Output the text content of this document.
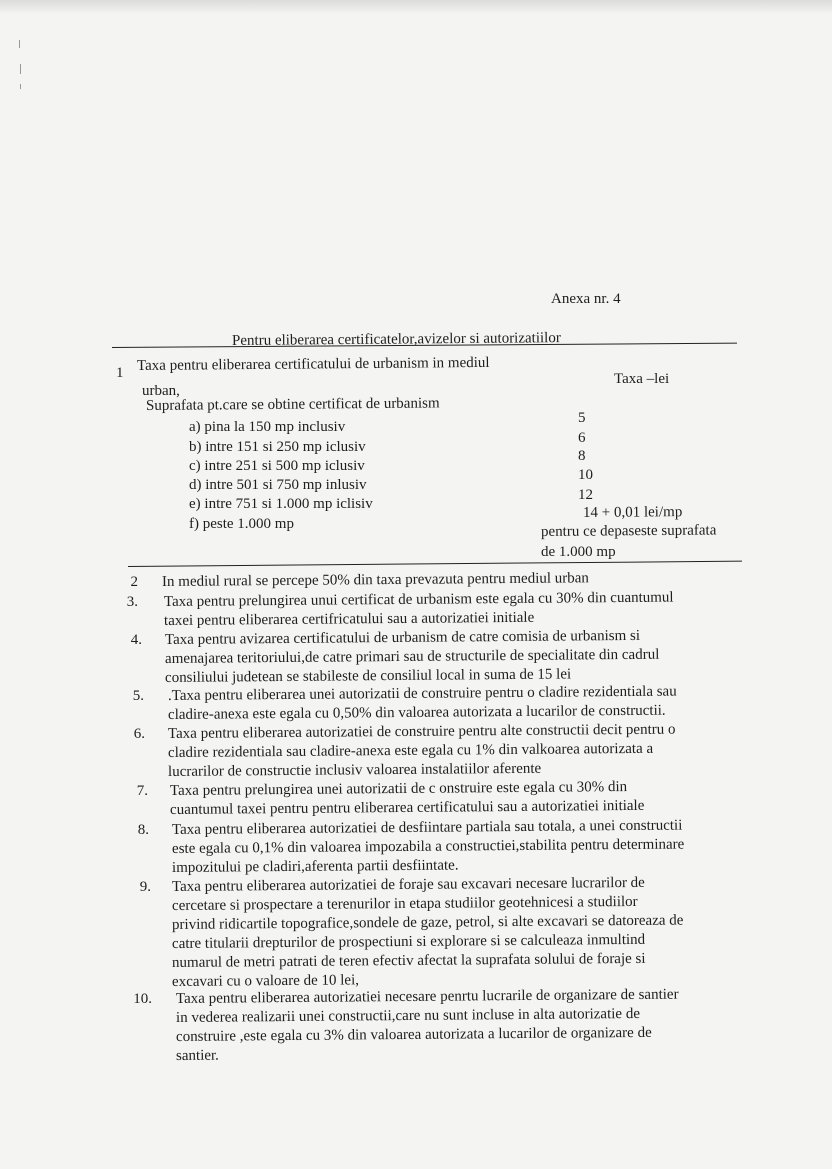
Anexa nr. 4

Pentru eliberarea certificatelor,avizelor si autorizatiilor

1 Taxa pentru eliberarea certificatului de urbanism in mediul

urban,

Taxa –lei

Suprafata pt.care se obtine certificat de urbanism

a) pina la 150 mp inclusiv

b) intre 151 si 250 mp iclusiv

c) intre 251 si 500 mp iclusiv

d) intre 501 si 750 mp inlusiv

e) intre 751 si 1.000 mp iclisiv

f) peste 1.000 mp

5

6

8

10

12

14 + 0,01 lei/mp

pentru ce depaseste suprafata

de 1.000 mp

2 In mediul rural se percepe 50% din taxa prevazuta pentru mediul urban

3. Taxa pentru prelungirea unui certificat de urbanism este egala cu 30% din cuantumul

taxei pentru eliberarea certifricatului sau a autorizatiei initiale

4. Taxa pentru avizarea certificatului de urbanism de catre comisia de urbanism si

amenajarea teritoriului,de catre primari sau de structurile de specialitate din cadrul

consiliului judetean se stabileste de consiliul local in suma de 15 lei

5. .Taxa pentru eliberarea unei autorizatii de construire pentru o cladire rezidentiala sau

cladire-anexa este egala cu 0,50% din valoarea autorizata a lucarilor de constructii.

6. Taxa pentru eliberarea autorizatiei de construire pentru alte constructii decit pentru o

cladire rezidentiala sau cladire-anexa este egala cu 1% din valkoarea autorizata a

lucrarilor de constructie inclusiv valoarea instalatiilor aferente

7. Taxa pentru prelungirea unei autorizatii de c onstruire este egala cu 30% din

cuantumul taxei pentru pentru eliberarea certificatului sau a autorizatiei initiale

8. Taxa pentru eliberarea autorizatiei de desfiintare partiala sau totala, a unei constructii

este egala cu 0,1% din valoarea impozabila a constructiei,stabilita pentru determinare

impozitului pe cladiri,aferenta partii desfiintate.

9. Taxa pentru eliberarea autorizatiei de foraje sau excavari necesare lucrarilor de

cercetare si prospectare a terenurilor in etapa studiilor geotehnicesi a studiilor

privind ridicartile topografice,sondele de gaze, petrol, si alte excavari se datoreaza de

catre titularii drepturilor de prospectiuni si explorare si se calculeaza inmultind

numarul de metri patrati de teren efectiv afectat la suprafata solului de foraje si

excavari cu o valoare de 10 lei,

10. Taxa pentru eliberarea autorizatiei necesare penrtu lucrarile de organizare de santier

in vederea realizarii unei constructii,care nu sunt incluse in alta autorizatie de

construire ,este egala cu 3% din valoarea autorizata a lucarilor de organizare de

santier.
